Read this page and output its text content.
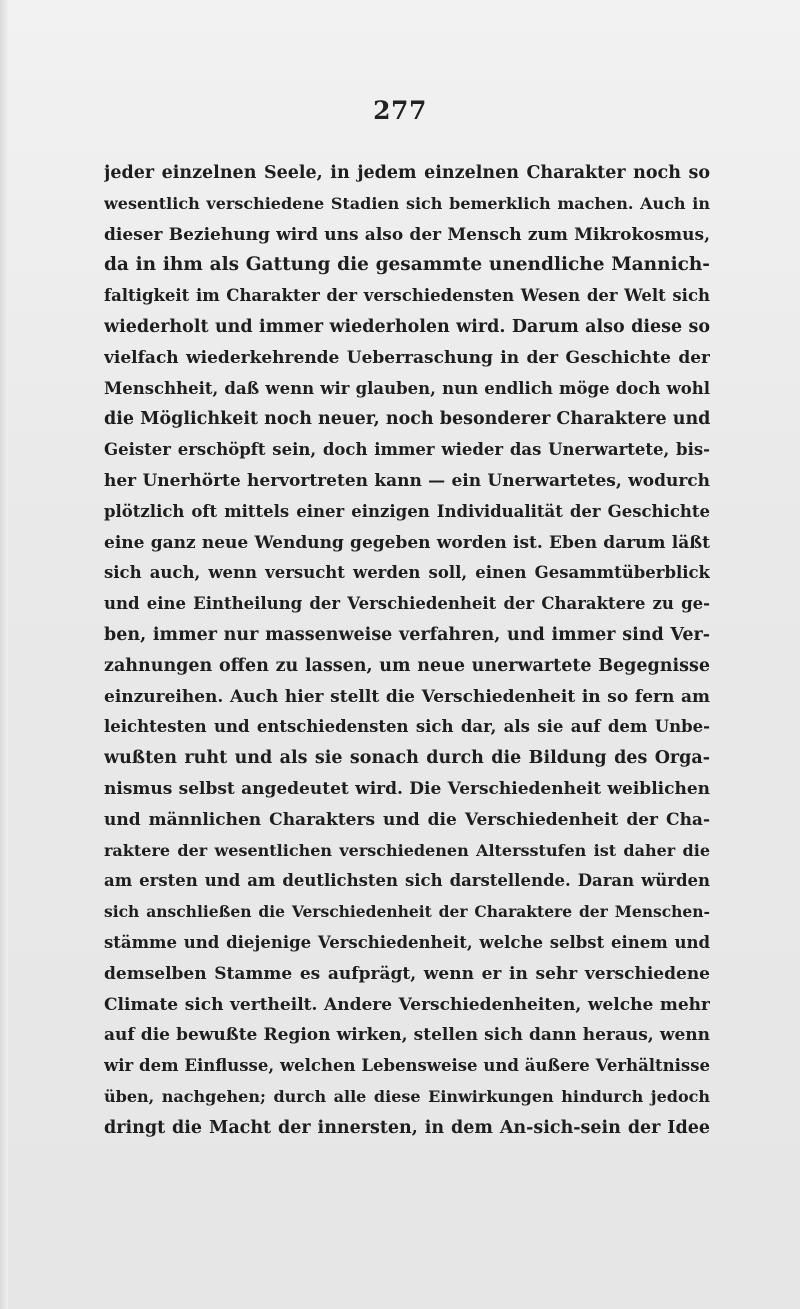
277
jeder einzelnen Seele, in jedem einzelnen Charakter noch so
wesentlich verschiedene Stadien sich bemerklich machen. Auch in
dieser Beziehung wird uns also der Mensch zum Mikrokosmus,
da in ihm als Gattung die gesammte unendliche Mannich-
faltigkeit im Charakter der verschiedensten Wesen der Welt sich
wiederholt und immer wiederholen wird. Darum also diese so
vielfach wiederkehrende Ueberraschung in der Geschichte der
Menschheit, daß wenn wir glauben, nun endlich möge doch wohl
die Möglichkeit noch neuer, noch besonderer Charaktere und
Geister erschöpft sein, doch immer wieder das Unerwartete, bis-
her Unerhörte hervortreten kann — ein Unerwartetes, wodurch
plötzlich oft mittels einer einzigen Individualität der Geschichte
eine ganz neue Wendung gegeben worden ist. Eben darum läßt
sich auch, wenn versucht werden soll, einen Gesammtüberblick
und eine Eintheilung der Verschiedenheit der Charaktere zu ge-
ben, immer nur massenweise verfahren, und immer sind Ver-
zahnungen offen zu lassen, um neue unerwartete Begegnisse
einzureihen. Auch hier stellt die Verschiedenheit in so fern am
leichtesten und entschiedensten sich dar, als sie auf dem Unbe-
wußten ruht und als sie sonach durch die Bildung des Orga-
nismus selbst angedeutet wird. Die Verschiedenheit weiblichen
und männlichen Charakters und die Verschiedenheit der Cha-
raktere der wesentlichen verschiedenen Altersstufen ist daher die
am ersten und am deutlichsten sich darstellende. Daran würden
sich anschließen die Verschiedenheit der Charaktere der Menschen-
stämme und diejenige Verschiedenheit, welche selbst einem und
demselben Stamme es aufprägt, wenn er in sehr verschiedene
Climate sich vertheilt. Andere Verschiedenheiten, welche mehr
auf die bewußte Region wirken, stellen sich dann heraus, wenn
wir dem Einflusse, welchen Lebensweise und äußere Verhältnisse
üben, nachgehen; durch alle diese Einwirkungen hindurch jedoch
dringt die Macht der innersten, in dem An-sich-sein der Idee
